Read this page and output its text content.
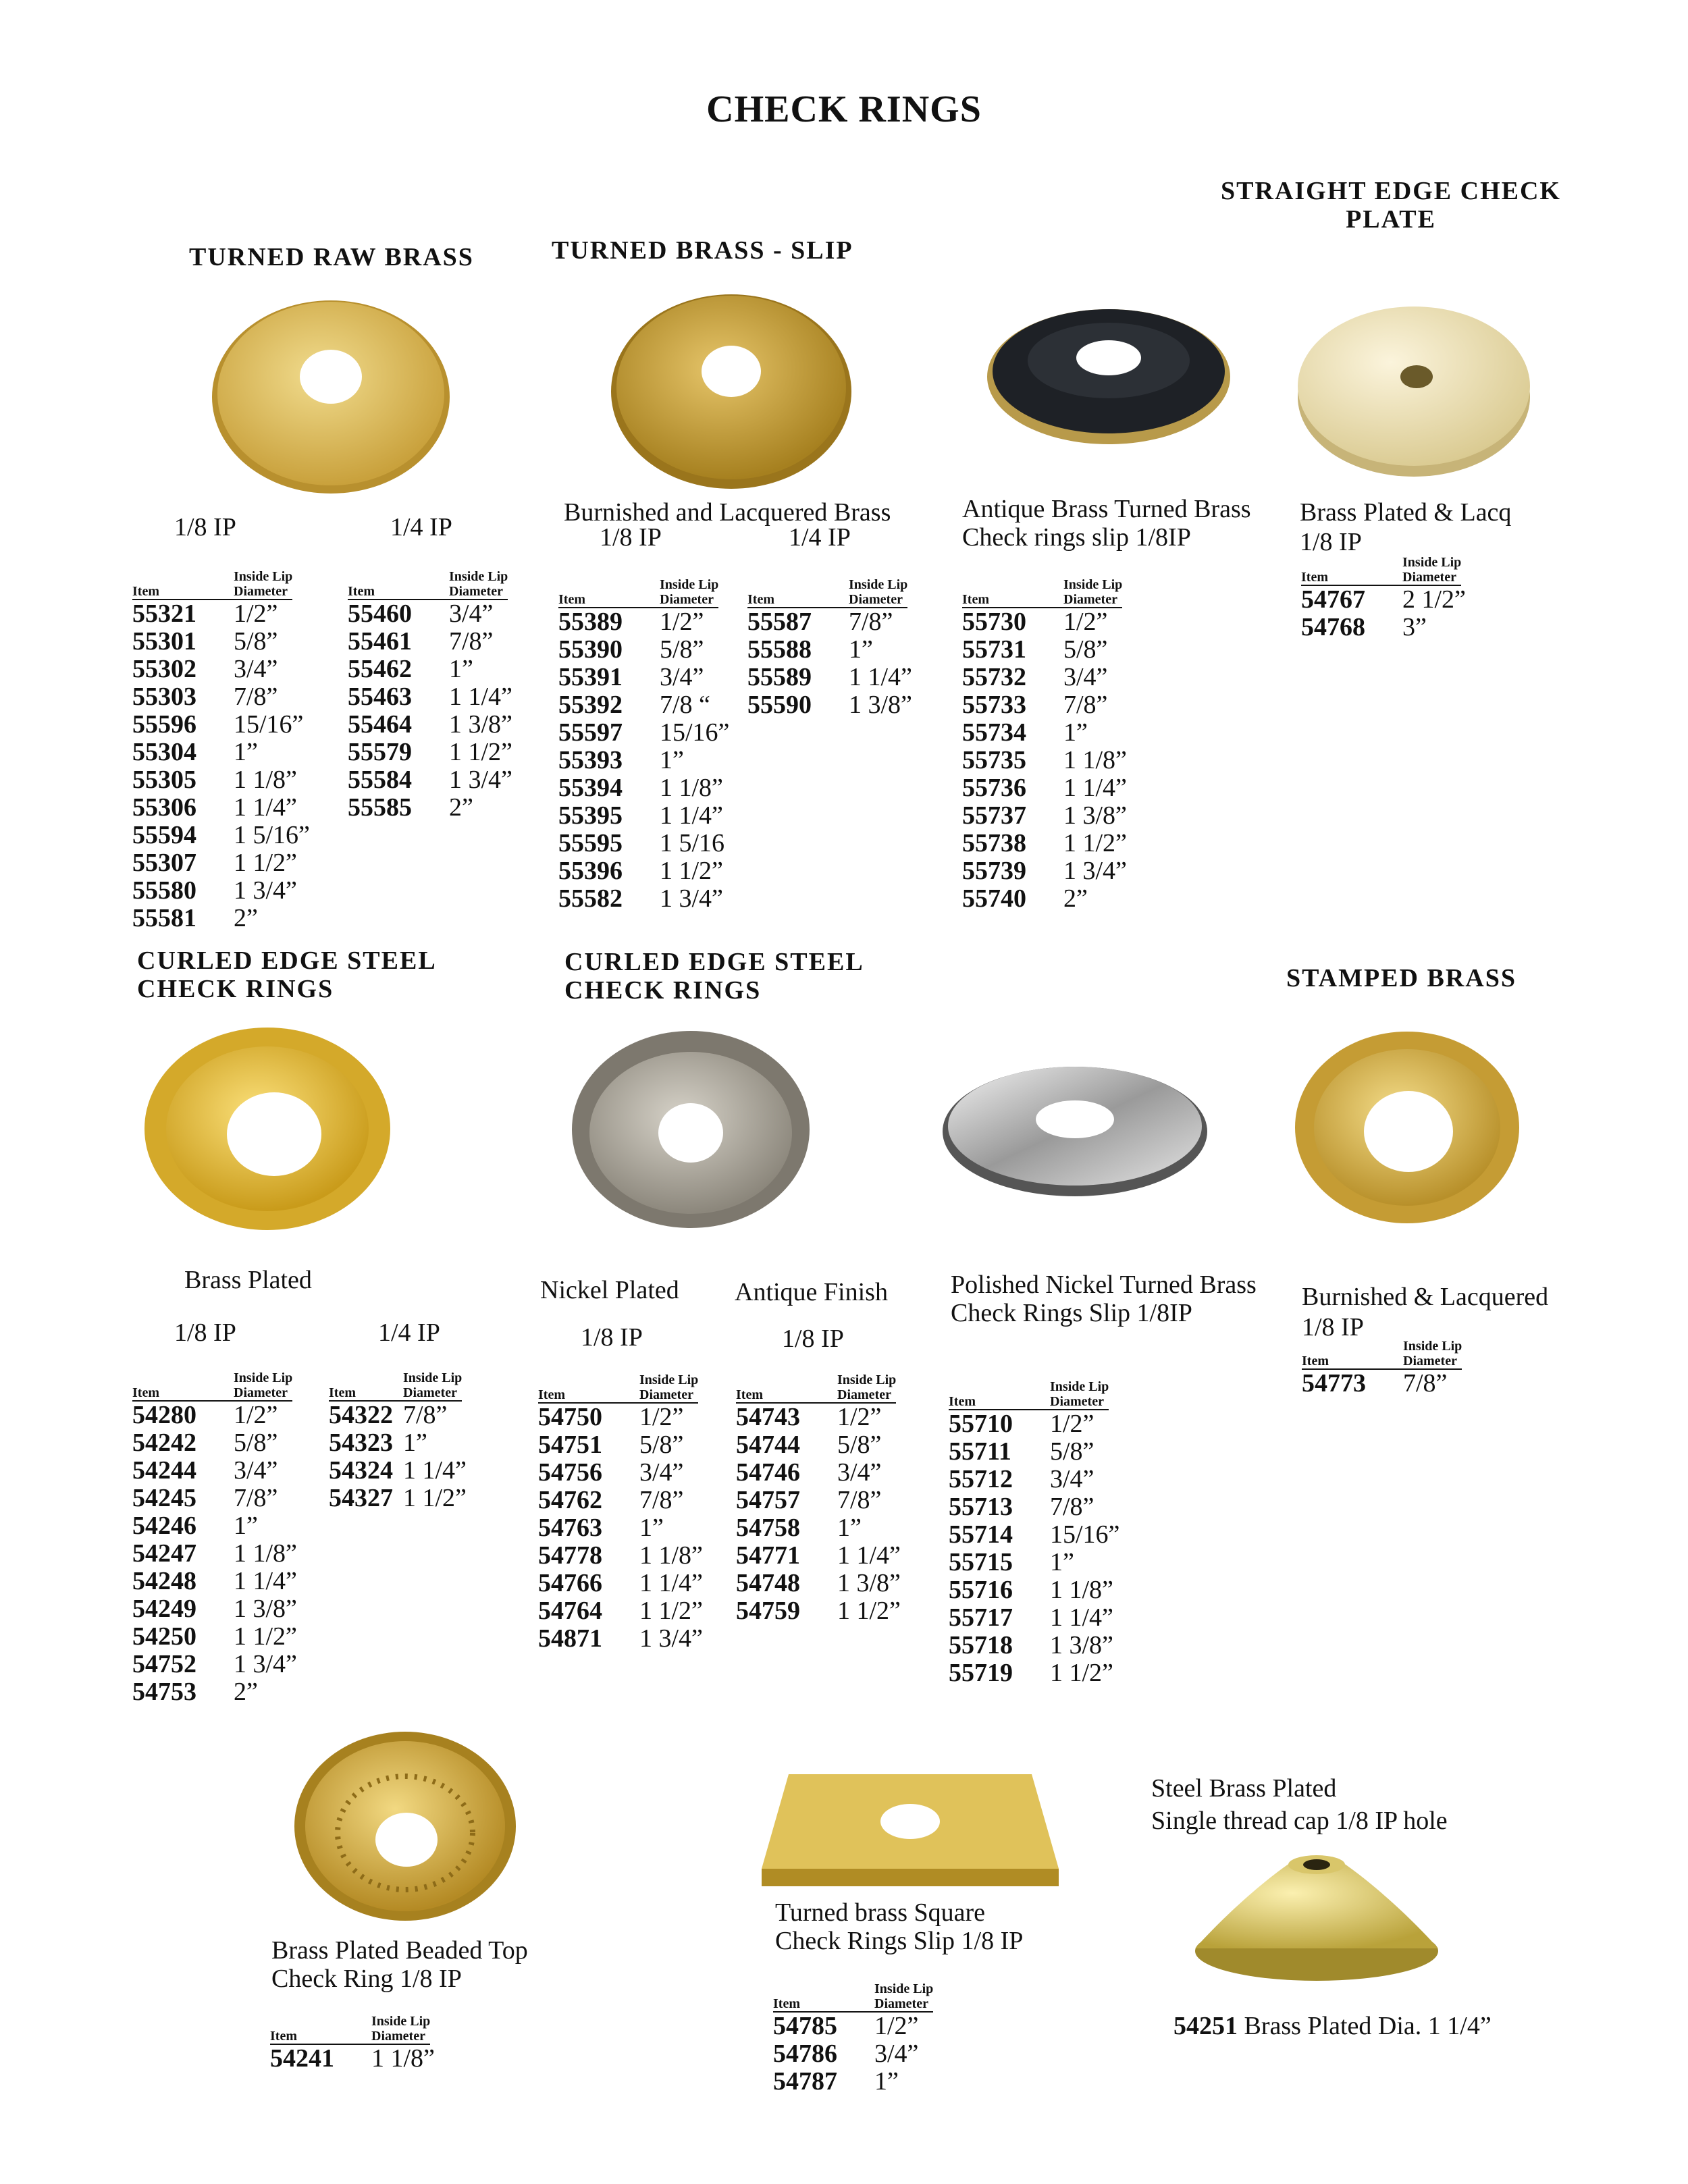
CHECK RINGS
TURNED RAW BRASS	TURNED BRASS - SLIP
STRAIGHT EDGE CHECK
PLATE
CURLED EDGE STEEL
CHECK RINGS
CURLED EDGE STEEL
CHECK RINGS	STAMPED BRASS
1/8 IP	1/4 IP
Burnished and Lacquered Brass
1/8 IP	1/4 IP
Antique Brass Turned Brass
Check rings slip 1/8IP
Brass Plated & Lacq
1/8 IP
Brass Plated
1/8 IP	1/4 IP
Nickel Plated Antique Finish
1/8 IP	1/8 IP
Polished Nickel Turned Brass
Check Rings Slip 1/8IP
Burnished & Lacquered
1/8 IP
Brass Plated Beaded Top
Check Ring 1/8 IP
Turned brass Square
Check Rings Slip 1/8 IP
Steel Brass Plated
Single thread cap 1/8 IP hole
54251 Brass Plated Dia. 1 1/4”
Item
Inside Lip
Diameter
55321	1/2”
55301	5/8”
55302	3/4”
55303	7/8”
55596	15/16”
55304	1”
55305	1 1/8”
55306	1 1/4”
55594	1 5/16”
55307	1 1/2”
55580	1 3/4”
55581	2”
Item
Inside Lip
Diameter
55460	3/4”
55461	7/8”
55462	1”
55463	1 1/4”
55464	1 3/8”
55579	1 1/2”
55584	1 3/4”
55585	2”
Item
Inside Lip
Diameter
55389	1/2”
55390	5/8”
55391	3/4”
55392	7/8 “
55597	15/16”
55393	1”
55394	1 1/8”
55395	1 1/4”
55595	1 5/16
55396	1 1/2”
55582	1 3/4”
Item
Inside Lip
Diameter
55587	7/8”
55588	1”
55589	1 1/4”
55590	1 3/8”
Item
Inside Lip
Diameter
55730	1/2”
55731	5/8”
55732	3/4”
55733	7/8”
55734	1”
55735	1 1/8”
55736	1 1/4”
55737	1 3/8”
55738	1 1/2”
55739	1 3/4”
55740	2”
Item
Inside Lip
Diameter
54767	2 1/2”
54768	3”
Item
Inside Lip
Diameter
54280	1/2”
54242	5/8”
54244	3/4”
54245	7/8”
54246	1”
54247	1 1/8”
54248	1 1/4”
54249	1 3/8”
54250	1 1/2”
54752	1 3/4”
54753	2”
Item
Inside Lip
Diameter
54322 7/8”
54323 1”
54324 1 1/4”
54327 1 1/2”
Item
Inside Lip
Diameter
54750	1/2”
54751	5/8”
54756	3/4”
54762	7/8”
54763	1”
54778	1 1/8”
54766	1 1/4”
54764	1 1/2”
54871	1 3/4”
Item
Inside Lip
Diameter
54743	1/2”
54744	5/8”
54746	3/4”
54757	7/8”
54758	1”
54771	1 1/4”
54748	1 3/8”
54759	1 1/2”
Item
Inside Lip
Diameter
55710	1/2”
55711	5/8”
55712	3/4”
55713	7/8”
55714	15/16”
55715	1”
55716	1 1/8”
55717	1 1/4”
55718	1 3/8”
55719	1 1/2”
Item
Inside Lip
Diameter
54773	7/8”
Item
Inside Lip
Diameter
54241	1 1/8”
Item
Inside Lip
Diameter
54785	1/2”
54786	3/4”
54787	1”
